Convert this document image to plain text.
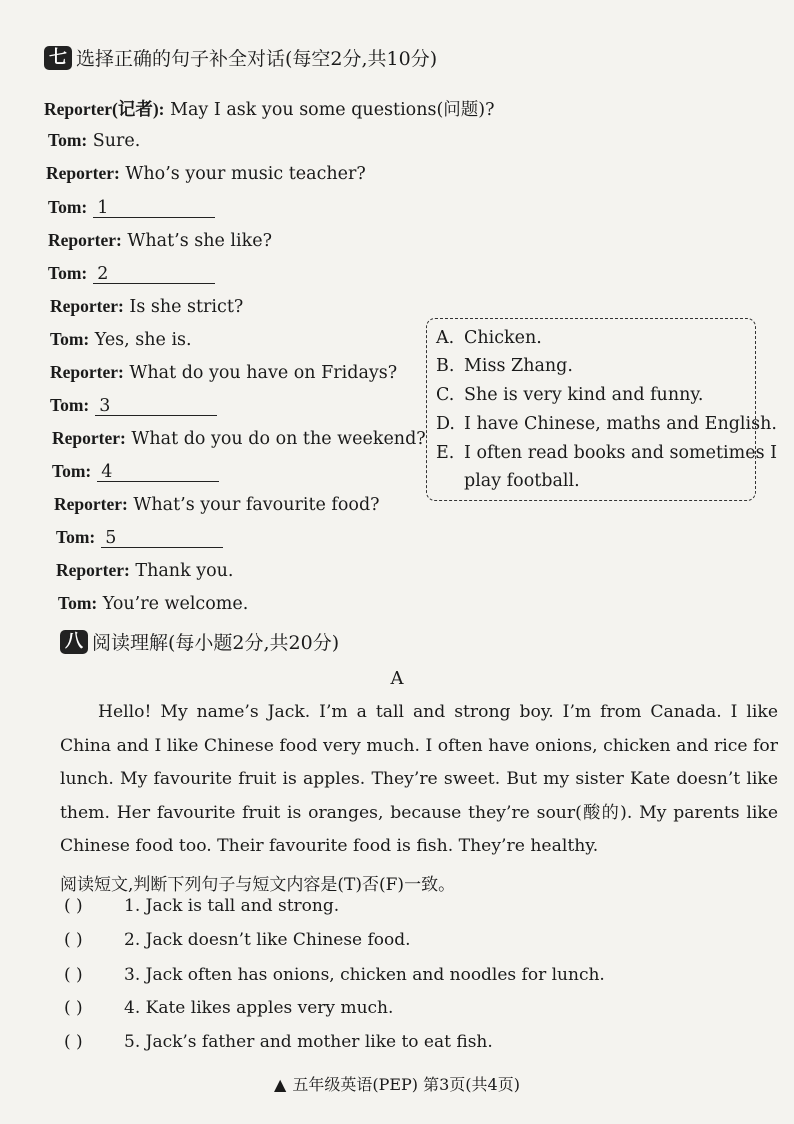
七 选择正确的句子补全对话(每空2分,共10分)
Reporter(记者): May I ask you some questions(问题)?
Tom: Sure.
Reporter: Who’s your music teacher?
Tom: 1
Reporter: What’s she like?
Tom: 2
Reporter: Is she strict?
Tom: Yes, she is.
Reporter: What do you have on Fridays?
Tom: 3
Reporter: What do you do on the weekend?
Tom: 4
Reporter: What’s your favourite food?
Tom: 5
Reporter: Thank you.
Tom: You’re welcome.
A. Chicken.
B. Miss Zhang.
C. She is very kind and funny.
D. I have Chinese, maths and English.
E. I often read books and sometimes I
play football.
八 阅读理解(每小题2分,共20分)
A
Hello! My name’s Jack. I’m a tall and strong boy. I’m from Canada. I like China and I like Chinese food very much. I often have onions, chicken and rice for lunch. My favourite fruit is apples. They’re sweet. But my sister Kate doesn’t like them. Her favourite fruit is oranges, because they’re sour(酸的). My parents like Chinese food too. Their favourite food is fish. They’re healthy.
阅读短文,判断下列句子与短文内容是(T)否(F)一致。
( ) 1. Jack is tall and strong.
( ) 2. Jack doesn’t like Chinese food.
( ) 3. Jack often has onions, chicken and noodles for lunch.
( ) 4. Kate likes apples very much.
( ) 5. Jack’s father and mother like to eat fish.
▲ 五年级英语(PEP) 第3页(共4页)
